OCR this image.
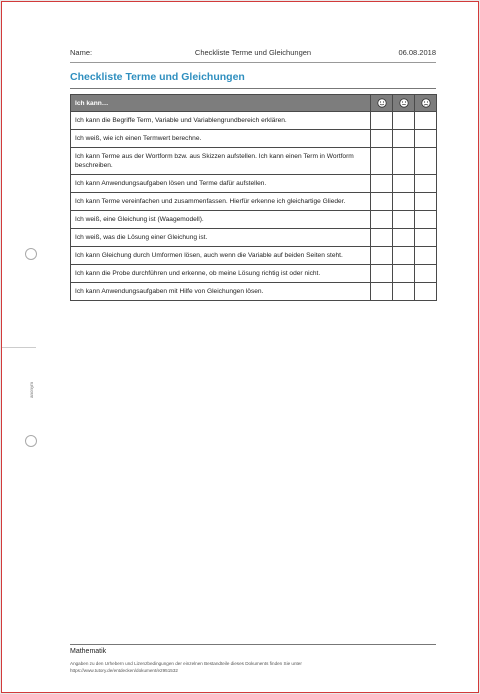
Name:	Checkliste Terme und Gleichungen	06.08.2018
Checkliste Terme und Gleichungen
Ich kann…			
Ich kann die Begriffe Term, Variable und Variablengrundbereich erklären.			
Ich weiß, wie ich einen Termwert berechne.			
Ich kann Terme aus der Wortform bzw. aus Skizzen aufstellen. Ich kann einen Term in Wortform beschreiben.			
Ich kann Anwendungsaufgaben lösen und Terme dafür aufstellen.			
Ich kann Terme vereinfachen und zusammenfassen. Hierfür erkenne ich gleichartige Glieder.			
Ich weiß, eine Gleichung ist (Waagemodell).			
Ich weiß, was die Lösung einer Gleichung ist.			
Ich kann Gleichung durch Umformen lösen, auch wenn die Variable auf beiden Seiten steht.			
Ich kann die Probe durchführen und erkenne, ob meine Lösung richtig ist oder nicht.			
Ich kann Anwendungsaufgaben mit Hilfe von Gleichungen lösen.			
anonym
Mathematik
Angaben zu den Urhebern und Lizenzbedingungen der einzelnen Bestandteile dieses Dokuments finden Sie unter
https://www.tutory.de/entdecken/dokument/e2951532
